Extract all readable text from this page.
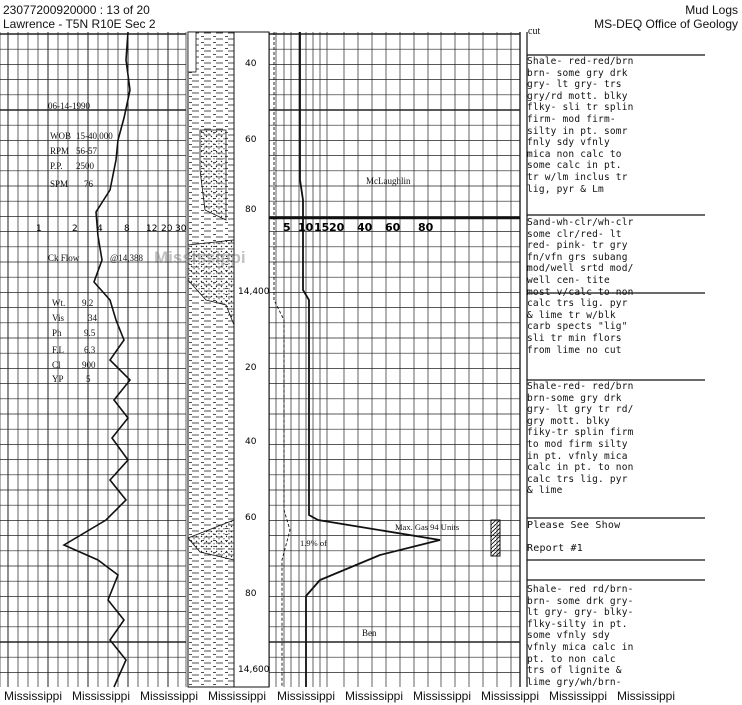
23077200920000 : 13 of 20
Lawrence - T5N R10E Sec 2
Mud Logs
MS-DEQ Office of Geology
1	2 4 8 12 20 30	5 10 15 20 40 60 80
40
60
80
14,400
20
40
60
80
14,600
06-14-1990
WOB 15-40,000
RPM 56-57
P.P. 2500
SPM 76
Ck Flow	@14,388
Wt. 9.2
Vis	34
Ph 9.5
F.L 6.3
Cl 900
YP 5
cut
McLaughlin
Max. Gas 94 Units
1.9% of
Ben
Shale- red-red/brn
brn- some gry drk
gry- lt gry- trs
gry/rd mott. blky
flky- sli tr splin
firm- mod firm-
silty in pt. somr
fnly sdy vfnly
mica non calc to
some calc in pt.
tr w/lm inclus tr
lig, pyr & Lm
Sand-wh-clr/wh-clr
some clr/red- lt
red- pink- tr gry
fn/vfn grs subang
mod/well srtd mod/
well cen- tite
most v/calc to non
calc trs lig. pyr
& lime tr w/blk
carb spects "lig"
sli tr min flors
from lime no cut
Shale-red- red/brn
brn-some gry drk
gry- lt gry tr rd/
gry mott. blky
fiky-tr splin firm
to mod firm silty
in pt. vfnly mica
calc in pt. to non
calc trs lig. pyr
& lime
Please See Show

Report #1
Shale- red rd/brn-
brn- some drk gry-
lt gry- gry- blky-
flky-silty in pt.
some vfnly sdy
vfnly mica calc in
pt. to non calc
trs of lignite &
lime gry/wh/brn-
Mississippi
Mississippi Mississippi Mississippi Mississippi Mississippi Mississippi Mississippi Mississippi Mississippi Mississippi
